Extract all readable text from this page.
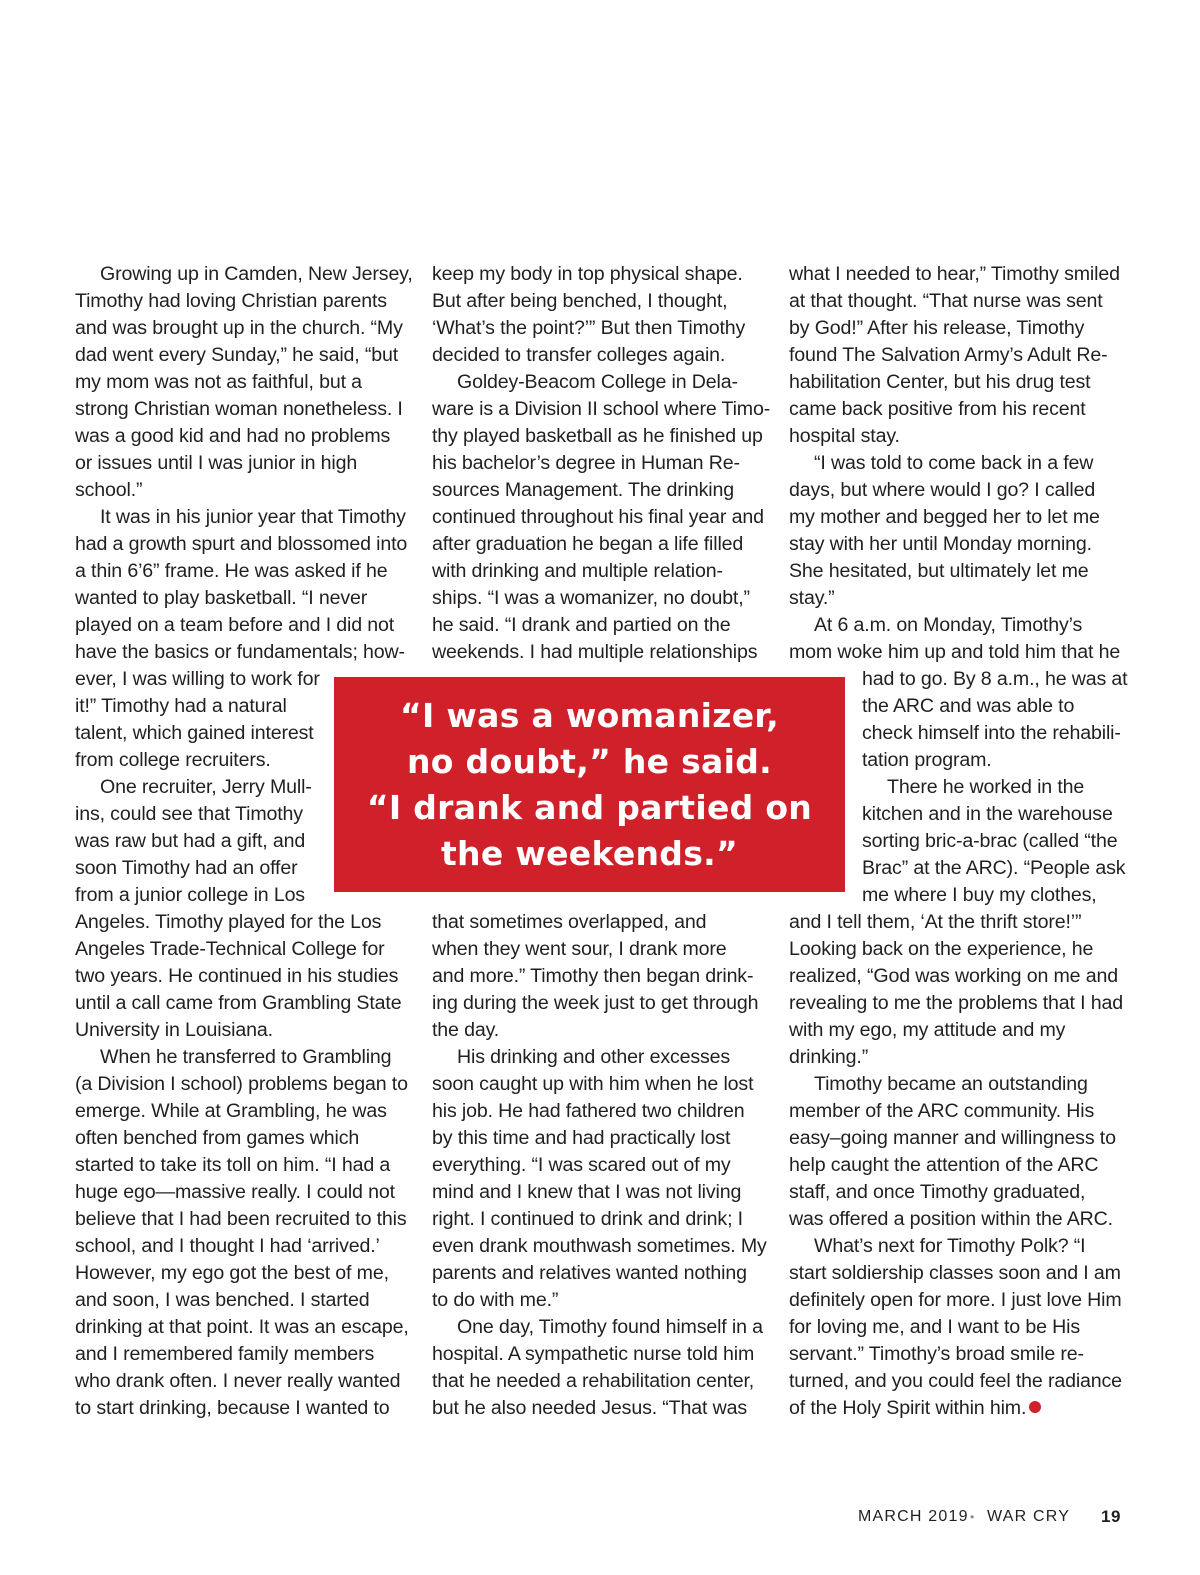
Growing up in Camden, New Jersey,
Timothy had loving Christian parents
and was brought up in the church. “My
dad went every Sunday,” he said, “but
my mom was not as faithful, but a
strong Christian woman nonetheless. I
was a good kid and had no problems
or issues until I was junior in high
school.”
It was in his junior year that Timothy
had a growth spurt and blossomed into
a thin 6’6” frame. He was asked if he
wanted to play basketball. “I never
played on a team before and I did not
have the basics or fundamentals; how-
ever, I was willing to work for
it!” Timothy had a natural
talent, which gained interest
from college recruiters.
One recruiter, Jerry Mull-
ins, could see that Timothy
was raw but had a gift, and
soon Timothy had an offer
from a junior college in Los
Angeles. Timothy played for the Los
Angeles Trade-Technical College for
two years. He continued in his studies
until a call came from Grambling State
University in Louisiana.
When he transferred to Grambling
(a Division I school) problems began to
emerge. While at Grambling, he was
often benched from games which
started to take its toll on him. “I had a
huge ego—massive really. I could not
believe that I had been recruited to this
school, and I thought I had ‘arrived.’
However, my ego got the best of me,
and soon, I was benched. I started
drinking at that point. It was an escape,
and I remembered family members
who drank often. I never really wanted
to start drinking, because I wanted to
keep my body in top physical shape.
But after being benched, I thought,
‘What’s the point?’” But then Timothy
decided to transfer colleges again.
Goldey-Beacom College in Dela-
ware is a Division II school where Timo-
thy played basketball as he finished up
his bachelor’s degree in Human Re-
sources Management. The drinking
continued throughout his final year and
after graduation he began a life filled
with drinking and multiple relation-
ships. “I was a womanizer, no doubt,”
he said. “I drank and partied on the
weekends. I had multiple relationships
that sometimes overlapped, and
when they went sour, I drank more
and more.” Timothy then began drink-
ing during the week just to get through
the day.
His drinking and other excesses
soon caught up with him when he lost
his job. He had fathered two children
by this time and had practically lost
everything. “I was scared out of my
mind and I knew that I was not living
right. I continued to drink and drink; I
even drank mouthwash sometimes. My
parents and relatives wanted nothing
to do with me.”
One day, Timothy found himself in a
hospital. A sympathetic nurse told him
that he needed a rehabilitation center,
but he also needed Jesus. “That was
what I needed to hear,” Timothy smiled
at that thought. “That nurse was sent
by God!” After his release, Timothy
found The Salvation Army’s Adult Re-
habilitation Center, but his drug test
came back positive from his recent
hospital stay.
“I was told to come back in a few
days, but where would I go? I called
my mother and begged her to let me
stay with her until Monday morning.
She hesitated, but ultimately let me
stay.”
At 6 a.m. on Monday, Timothy’s
mom woke him up and told him that he
had to go. By 8 a.m., he was at
the ARC and was able to
check himself into the rehabili-
tation program.
There he worked in the
kitchen and in the warehouse
sorting bric-a-brac (called “the
Brac” at the ARC). “People ask
me where I buy my clothes,
and I tell them, ‘At the thrift store!’”
Looking back on the experience, he
realized, “God was working on me and
revealing to me the problems that I had
with my ego, my attitude and my
drinking.”
Timothy became an outstanding
member of the ARC community. His
easy–going manner and willingness to
help caught the attention of the ARC
staff, and once Timothy graduated,
was offered a position within the ARC.
What’s next for Timothy Polk? “I
start soldiership classes soon and I am
definitely open for more. I just love Him
for loving me, and I want to be His
servant.” Timothy’s broad smile re-
turned, and you could feel the radiance
of the Holy Spirit within him.
“I was a womanizer,
no doubt,” he said.
“I drank and partied on
the weekends.”
MARCH 2019 • WAR CRY 19
